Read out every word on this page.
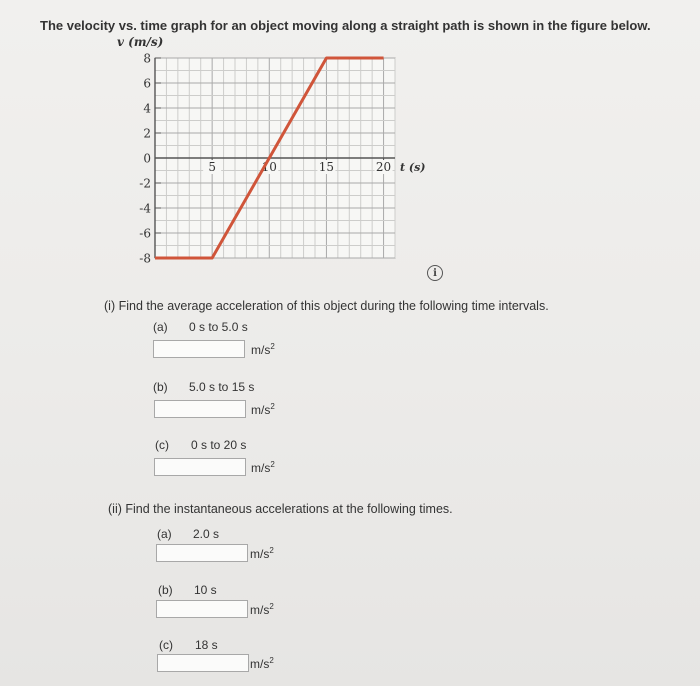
The velocity vs. time graph for an object moving along a straight path is shown in the figure below.
v (m/s)
5	10	15	20
8
6
4
2
0
-2
-4
-6
-8
t (s)
i
(i) Find the average acceleration of this object during the following time intervals.
(a) 0 s to 5.0 s
$m/s^2$
(b) 5.0 s to 15 s
$m/s^2$
(c) 0 s to 20 s
$m/s^2$
(ii) Find the instantaneous accelerations at the following times.
(a) 2.0 s
$m/s^2$
(b) 10 s
$m/s^2$
(c) 18 s
$m/s^2$
